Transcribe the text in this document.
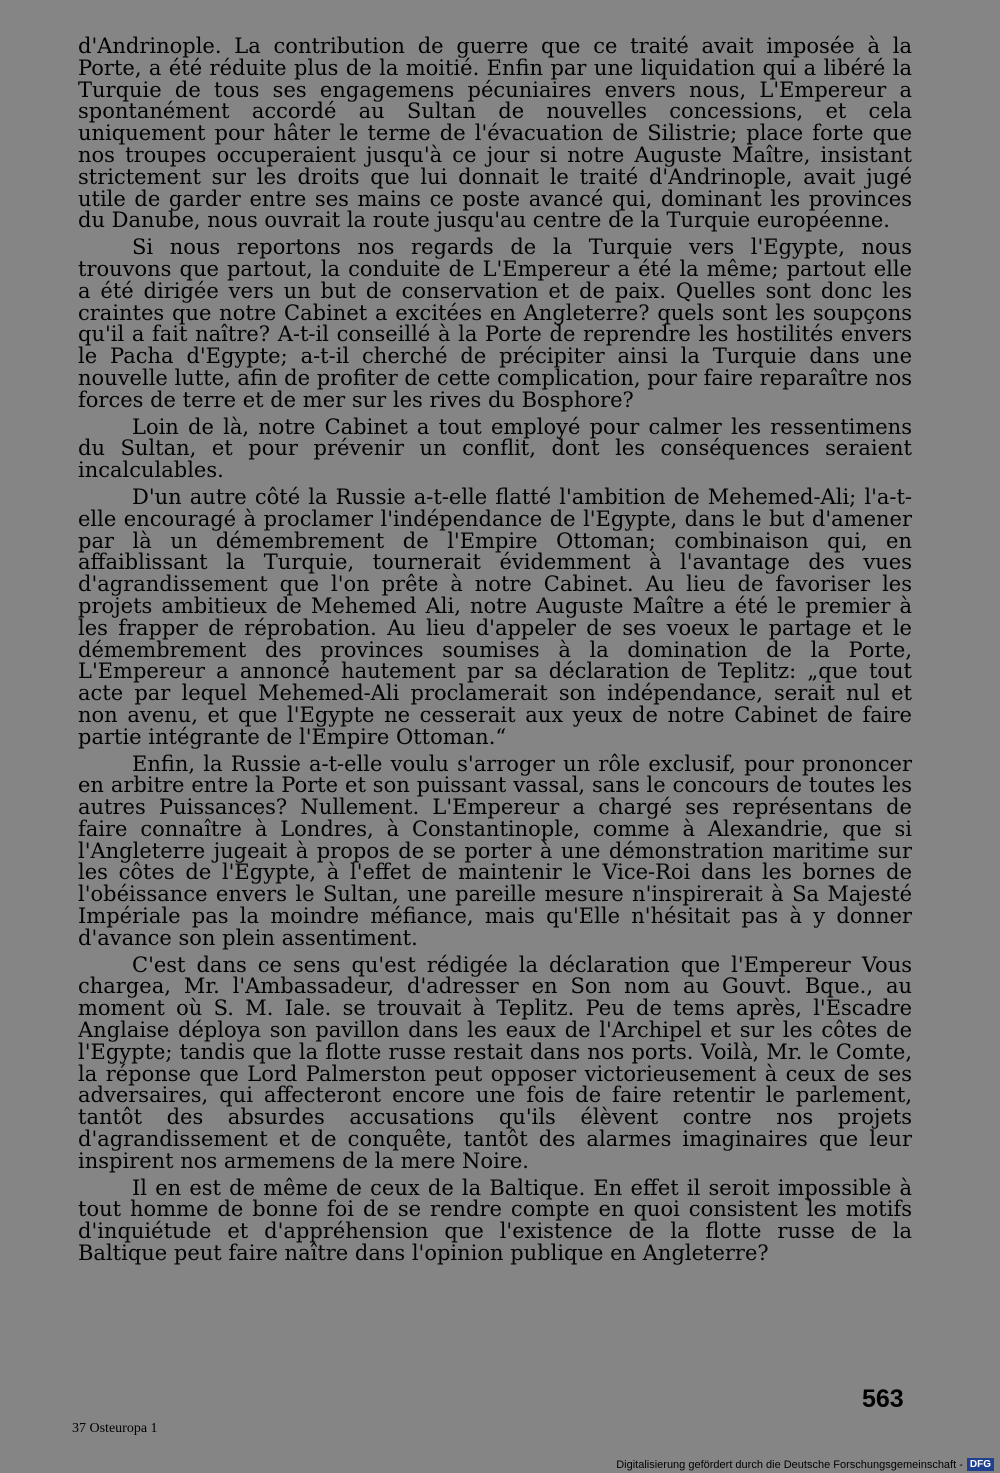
d'Andrinople. La contribution de guerre que ce traité avait imposée à la Porte, a été réduite plus de la moitié. Enfin par une liquidation qui a libéré la Turquie de tous ses engagemens pécuniaires envers nous, L'Empereur a spontanément accordé au Sultan de nouvelles concessions, et cela uniquement pour hâter le terme de l'évacuation de Silistrie; place forte que nos troupes occuperaient jusqu'à ce jour si notre Auguste Maître, insistant strictement sur les droits que lui donnait le traité d'Andrinople, avait jugé utile de garder entre ses mains ce poste avancé qui, dominant les provinces du Danube, nous ouvrait la route jusqu'au centre de la Turquie européenne.

Si nous reportons nos regards de la Turquie vers l'Egypte, nous trouvons que partout, la conduite de L'Empereur a été la même; partout elle a été dirigée vers un but de conservation et de paix. Quelles sont donc les craintes que notre Cabinet a excitées en Angleterre? quels sont les soupçons qu'il a fait naître? A-t-il conseillé à la Porte de reprendre les hostilités envers le Pacha d'Egypte; a-t-il cherché de précipiter ainsi la Turquie dans une nouvelle lutte, afin de profiter de cette complication, pour faire reparaître nos forces de terre et de mer sur les rives du Bosphore?

Loin de là, notre Cabinet a tout employé pour calmer les ressentimens du Sultan, et pour prévenir un conflit, dont les conséquences seraient incalculables.

D'un autre côté la Russie a-t-elle flatté l'ambition de Mehemed-Ali; l'a-t-elle encouragé à proclamer l'indépendance de l'Egypte, dans le but d'amener par là un démembrement de l'Empire Ottoman; combinaison qui, en affaiblissant la Turquie, tournerait évidemment à l'avantage des vues d'agrandissement que l'on prête à notre Cabinet. Au lieu de favoriser les projets ambitieux de Mehemed Ali, notre Auguste Maître a été le premier à les frapper de réprobation. Au lieu d'appeler de ses voeux le partage et le démembrement des provinces soumises à la domination de la Porte, L'Empereur a annoncé hautement par sa déclaration de Teplitz: „que tout acte par lequel Mehemed-Ali proclamerait son indépendance, serait nul et non avenu, et que l'Egypte ne cesserait aux yeux de notre Cabinet de faire partie intégrante de l'Empire Ottoman.“

Enfin, la Russie a-t-elle voulu s'arroger un rôle exclusif, pour prononcer en arbitre entre la Porte et son puissant vassal, sans le concours de toutes les autres Puissances? Nullement. L'Empereur a chargé ses représentans de faire connaître à Londres, à Constantinople, comme à Alexandrie, que si l'Angleterre jugeait à propos de se porter à une démonstration maritime sur les côtes de l'Egypte, à l'effet de maintenir le Vice-Roi dans les bornes de l'obéissance envers le Sultan, une pareille mesure n'inspirerait à Sa Majesté Impériale pas la moindre méfiance, mais qu'Elle n'hésitait pas à y donner d'avance son plein assentiment.

C'est dans ce sens qu'est rédigée la déclaration que l'Empereur Vous chargea, Mr. l'Ambassadeur, d'adresser en Son nom au Gouvt. Bque., au moment où S. M. Iale. se trouvait à Teplitz. Peu de tems après, l'Escadre Anglaise déploya son pavillon dans les eaux de l'Archipel et sur les côtes de l'Egypte; tandis que la flotte russe restait dans nos ports. Voilà, Mr. le Comte, la réponse que Lord Palmerston peut opposer victorieusement à ceux de ses adversaires, qui affecteront encore une fois de faire retentir le parlement, tantôt des absurdes accusations qu'ils élèvent contre nos projets d'agrandissement et de conquête, tantôt des alarmes imaginaires que leur inspirent nos armemens de la mere Noire.

Il en est de même de ceux de la Baltique. En effet il seroit impossible à tout homme de bonne foi de se rendre compte en quoi consistent les motifs d'inquiétude et d'appréhension que l'existence de la flotte russe de la Baltique peut faire naître dans l'opinion publique en Angleterre?

563
37 Osteuropa 1
Digitalisierung gefördert durch die Deutsche Forschungsgemeinschaft - DFG
